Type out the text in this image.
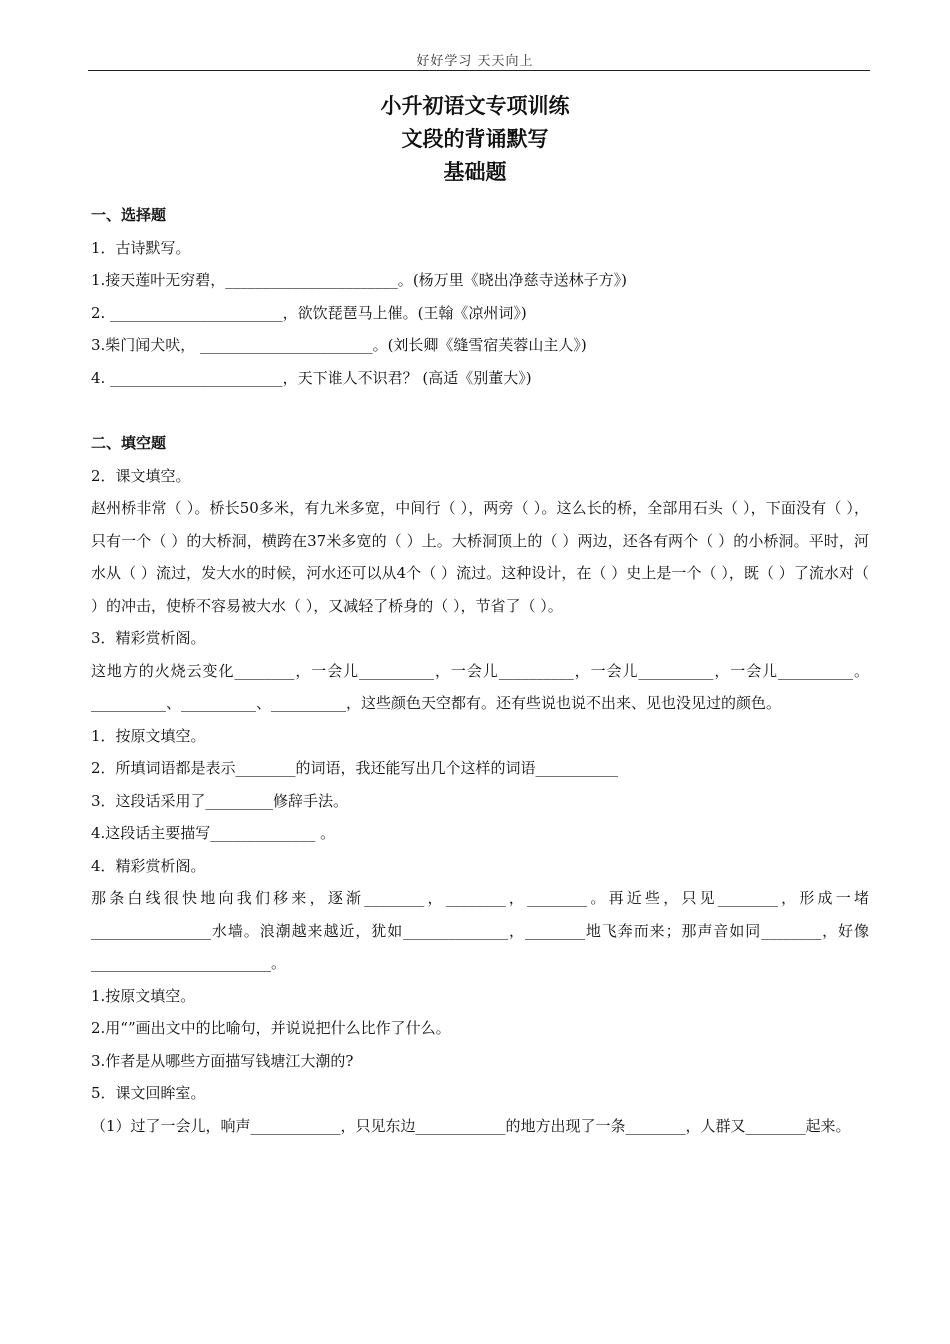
好好学习 天天向上
小升初语文专项训练
文段的背诵默写
基础题
一、选择题
1．古诗默写。
1.接天莲叶无穷碧，_______________________。(杨万里《晓出净慈寺送林子方》)
2. _______________________，欲饮琵琶马上催。(王翰《凉州词》)
3.柴门闻犬吠， _______________________。(刘长卿《缝雪宿芙蓉山主人》)
4. _______________________，天下谁人不识君？ (高适《别董大》)
二、填空题
2．课文填空。
赵州桥非常（ ）。桥长50多米，有九米多宽，中间行（ ），两旁（ ）。这么长的桥，全部用石头（ ），下面没有（ ），只有一个（ ）的大桥洞，横跨在37米多宽的（ ）上。大桥洞顶上的（ ）两边，还各有两个（ ）的小桥洞。平时，河水从（ ）流过，发大水的时候，河水还可以从4个（ ）流过。这种设计，在（ ）史上是一个（ ），既（ ）了流水对（ ）的冲击，使桥不容易被大水（ ），又减轻了桥身的（ ），节省了（ ）。
3．精彩赏析阁。
这地方的火烧云变化________，一会儿__________，一会儿__________，一会儿__________，一会儿__________。__________、__________、__________，这些颜色天空都有。还有些说也说不出来、见也没见过的颜色。
1．按原文填空。
2．所填词语都是表示________的词语，我还能写出几个这样的词语___________
3．这段话采用了_________修辞手法。
4.这段话主要描写______________ 。
4．精彩赏析阁。
那条白线很快地向我们移来，逐渐________，________，________。再近些，只见________，形成一堵________________水墙。浪潮越来越近，犹如______________，________地飞奔而来；那声音如同________，好像________________________。
1.按原文填空。
2.用“”画出文中的比喻句，并说说把什么比作了什么。
3.作者是从哪些方面描写钱塘江大潮的?
5．课文回眸室。
（1）过了一会儿，响声____________，只见东边____________的地方出现了一条________，人群又________起来。
